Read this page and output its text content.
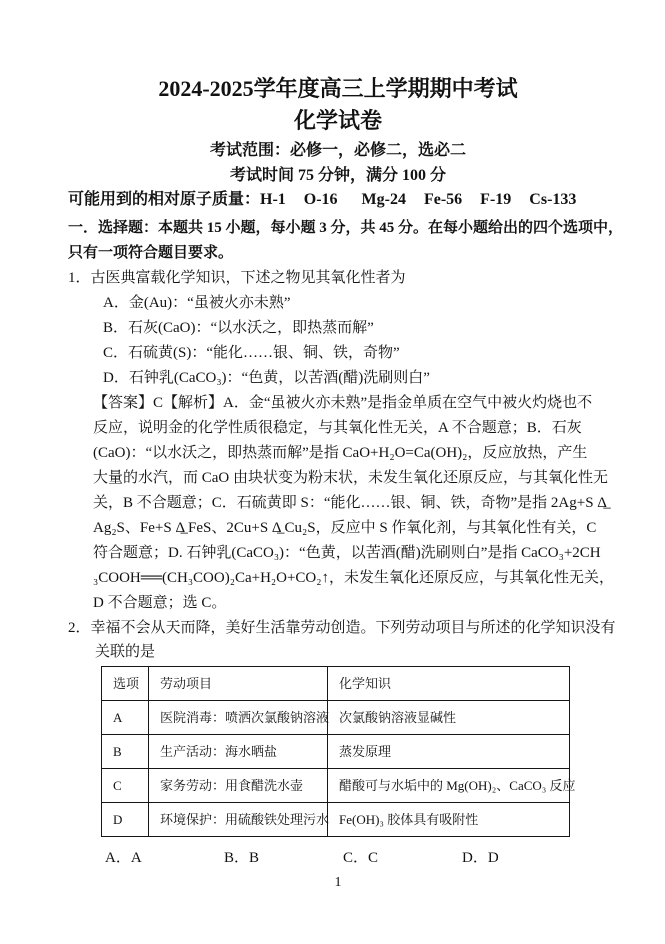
2024-2025学年度高三上学期期中考试
化学试卷
考试范围：必修一，必修二，选必二
考试时间 75 分钟，满分 100 分
可能用到的相对原子质量：H-1   O-16    Mg-24   Fe-56   F-19   Cs-133
一．选择题：本题共 15 小题，每小题 3 分，共 45 分。在每小题给出的四个选项中，
只有一项符合题目要求。
1．古医典富载化学知识，下述之物见其氧化性者为
A．金(Au)：“虽被火亦未熟”
B．石灰(CaO)：“以水沃之，即热蒸而解”
C．石硫黄(S)：“能化……银、铜、铁，奇物”
D．石钟乳(CaCO₃)：“色黄，以苦酒(醋)洗刷则白”
【答案】C【解析】A．金“虽被火亦未熟”是指金单质在空气中被火灼烧也不
反应，说明金的化学性质很稳定，与其氧化性无关，A 不合题意；B．石灰
(CaO)：“以水沃之，即热蒸而解”是指 CaO+H₂O=Ca(OH)₂，反应放热，产生
大量的水汽，而 CaO 由块状变为粉末状，未发生氧化还原反应，与其氧化性无
关，B 不合题意；C．石硫黄即 S：“能化……银、铜、铁，奇物”是指 2Ag+S Δ̲
Ag₂S、Fe+S Δ̲ FeS、2Cu+S Δ̲ Cu₂S，反应中 S 作氧化剂，与其氧化性有关，C
符合题意；D. 石钟乳(CaCO₃)：“色黄，以苦酒(醋)洗刷则白”是指 CaCO₃+2CH
₃COOH══(CH₃COO)₂Ca+H₂O+CO₂↑，未发生氧化还原反应，与其氧化性无关，
D 不合题意；选 C。
2．幸福不会从天而降，美好生活靠劳动创造。下列劳动项目与所述的化学知识没有
关联的是
选项	劳动项目	化学知识
A	医院消毒：喷洒次氯酸钠溶液	次氯酸钠溶液显碱性
B	生产活动：海水晒盐	蒸发原理
C	家务劳动：用食醋洗水壶	醋酸可与水垢中的 Mg(OH)₂、CaCO₃ 反应
D	环境保护：用硫酸铁处理污水	Fe(OH)₃ 胶体具有吸附性
A．A	B．B	C．C	D．D
1
